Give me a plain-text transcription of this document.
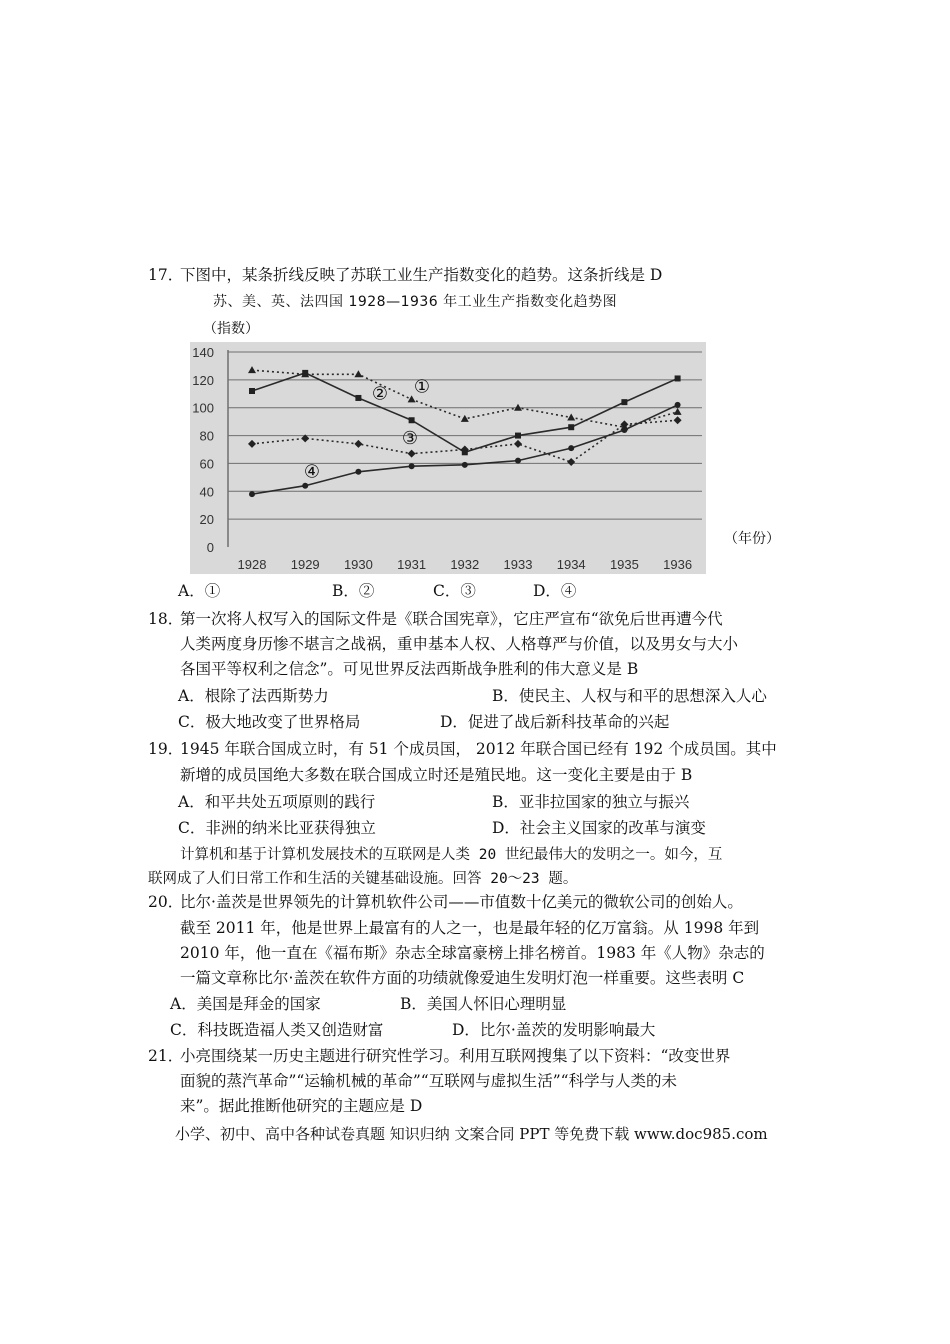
17．
下图中，某条折线反映了苏联工业生产指数变化的趋势。这条折线是 D
苏、美、英、法四国 1928—1936 年工业生产指数变化趋势图
（指数）
0
20
40
60
80
100
120
140
1928 1929 1930 1931 1932 1933 1934 1935 1936
①
②
③
④
（年份）
A．①	B．②	C．③	D．④
18．
第一次将人权写入的国际文件是《联合国宪章》，它庄严宣布“欲免后世再遭今代
人类两度身历惨不堪言之战祸，重申基本人权、人格尊严与价值，以及男女与大小
各国平等权利之信念”。可见世界反法西斯战争胜利的伟大意义是 B
A．根除了法西斯势力	B．使民主、人权与和平的思想深入人心
C．极大地改变了世界格局	D．促进了战后新科技革命的兴起
19．
1945 年联合国成立时，有 51 个成员国， 2012 年联合国已经有 192 个成员国。其中
新增的成员国绝大多数在联合国成立时还是殖民地。这一变化主要是由于 B
A．和平共处五项原则的践行	B．亚非拉国家的独立与振兴
C．非洲的纳米比亚获得独立	D．社会主义国家的改革与演变
计算机和基于计算机发展技术的互联网是人类 20 世纪最伟大的发明之一。如今，互
联网成了人们日常工作和生活的关键基础设施。回答 20～23 题。
20．
比尔·盖茨是世界领先的计算机软件公司——市值数十亿美元的微软公司的创始人。
截至 2011 年，他是世界上最富有的人之一，也是最年轻的亿万富翁。从 1998 年到
2010 年，他一直在《福布斯》杂志全球富豪榜上排名榜首。1983 年《人物》杂志的
一篇文章称比尔·盖茨在软件方面的功绩就像爱迪生发明灯泡一样重要。这些表明 C
A．美国是拜金的国家	B．美国人怀旧心理明显
C．科技既造福人类又创造财富	D．比尔·盖茨的发明影响最大
21．
小亮围绕某一历史主题进行研究性学习。利用互联网搜集了以下资料：“改变世界
面貌的蒸汽革命”“运输机械的革命”“互联网与虚拟生活”“科学与人类的未
来”。据此推断他研究的主题应是 D
小学、初中、高中各种试卷真题 知识归纳 文案合同 PPT 等免费下载 www.doc985.com
